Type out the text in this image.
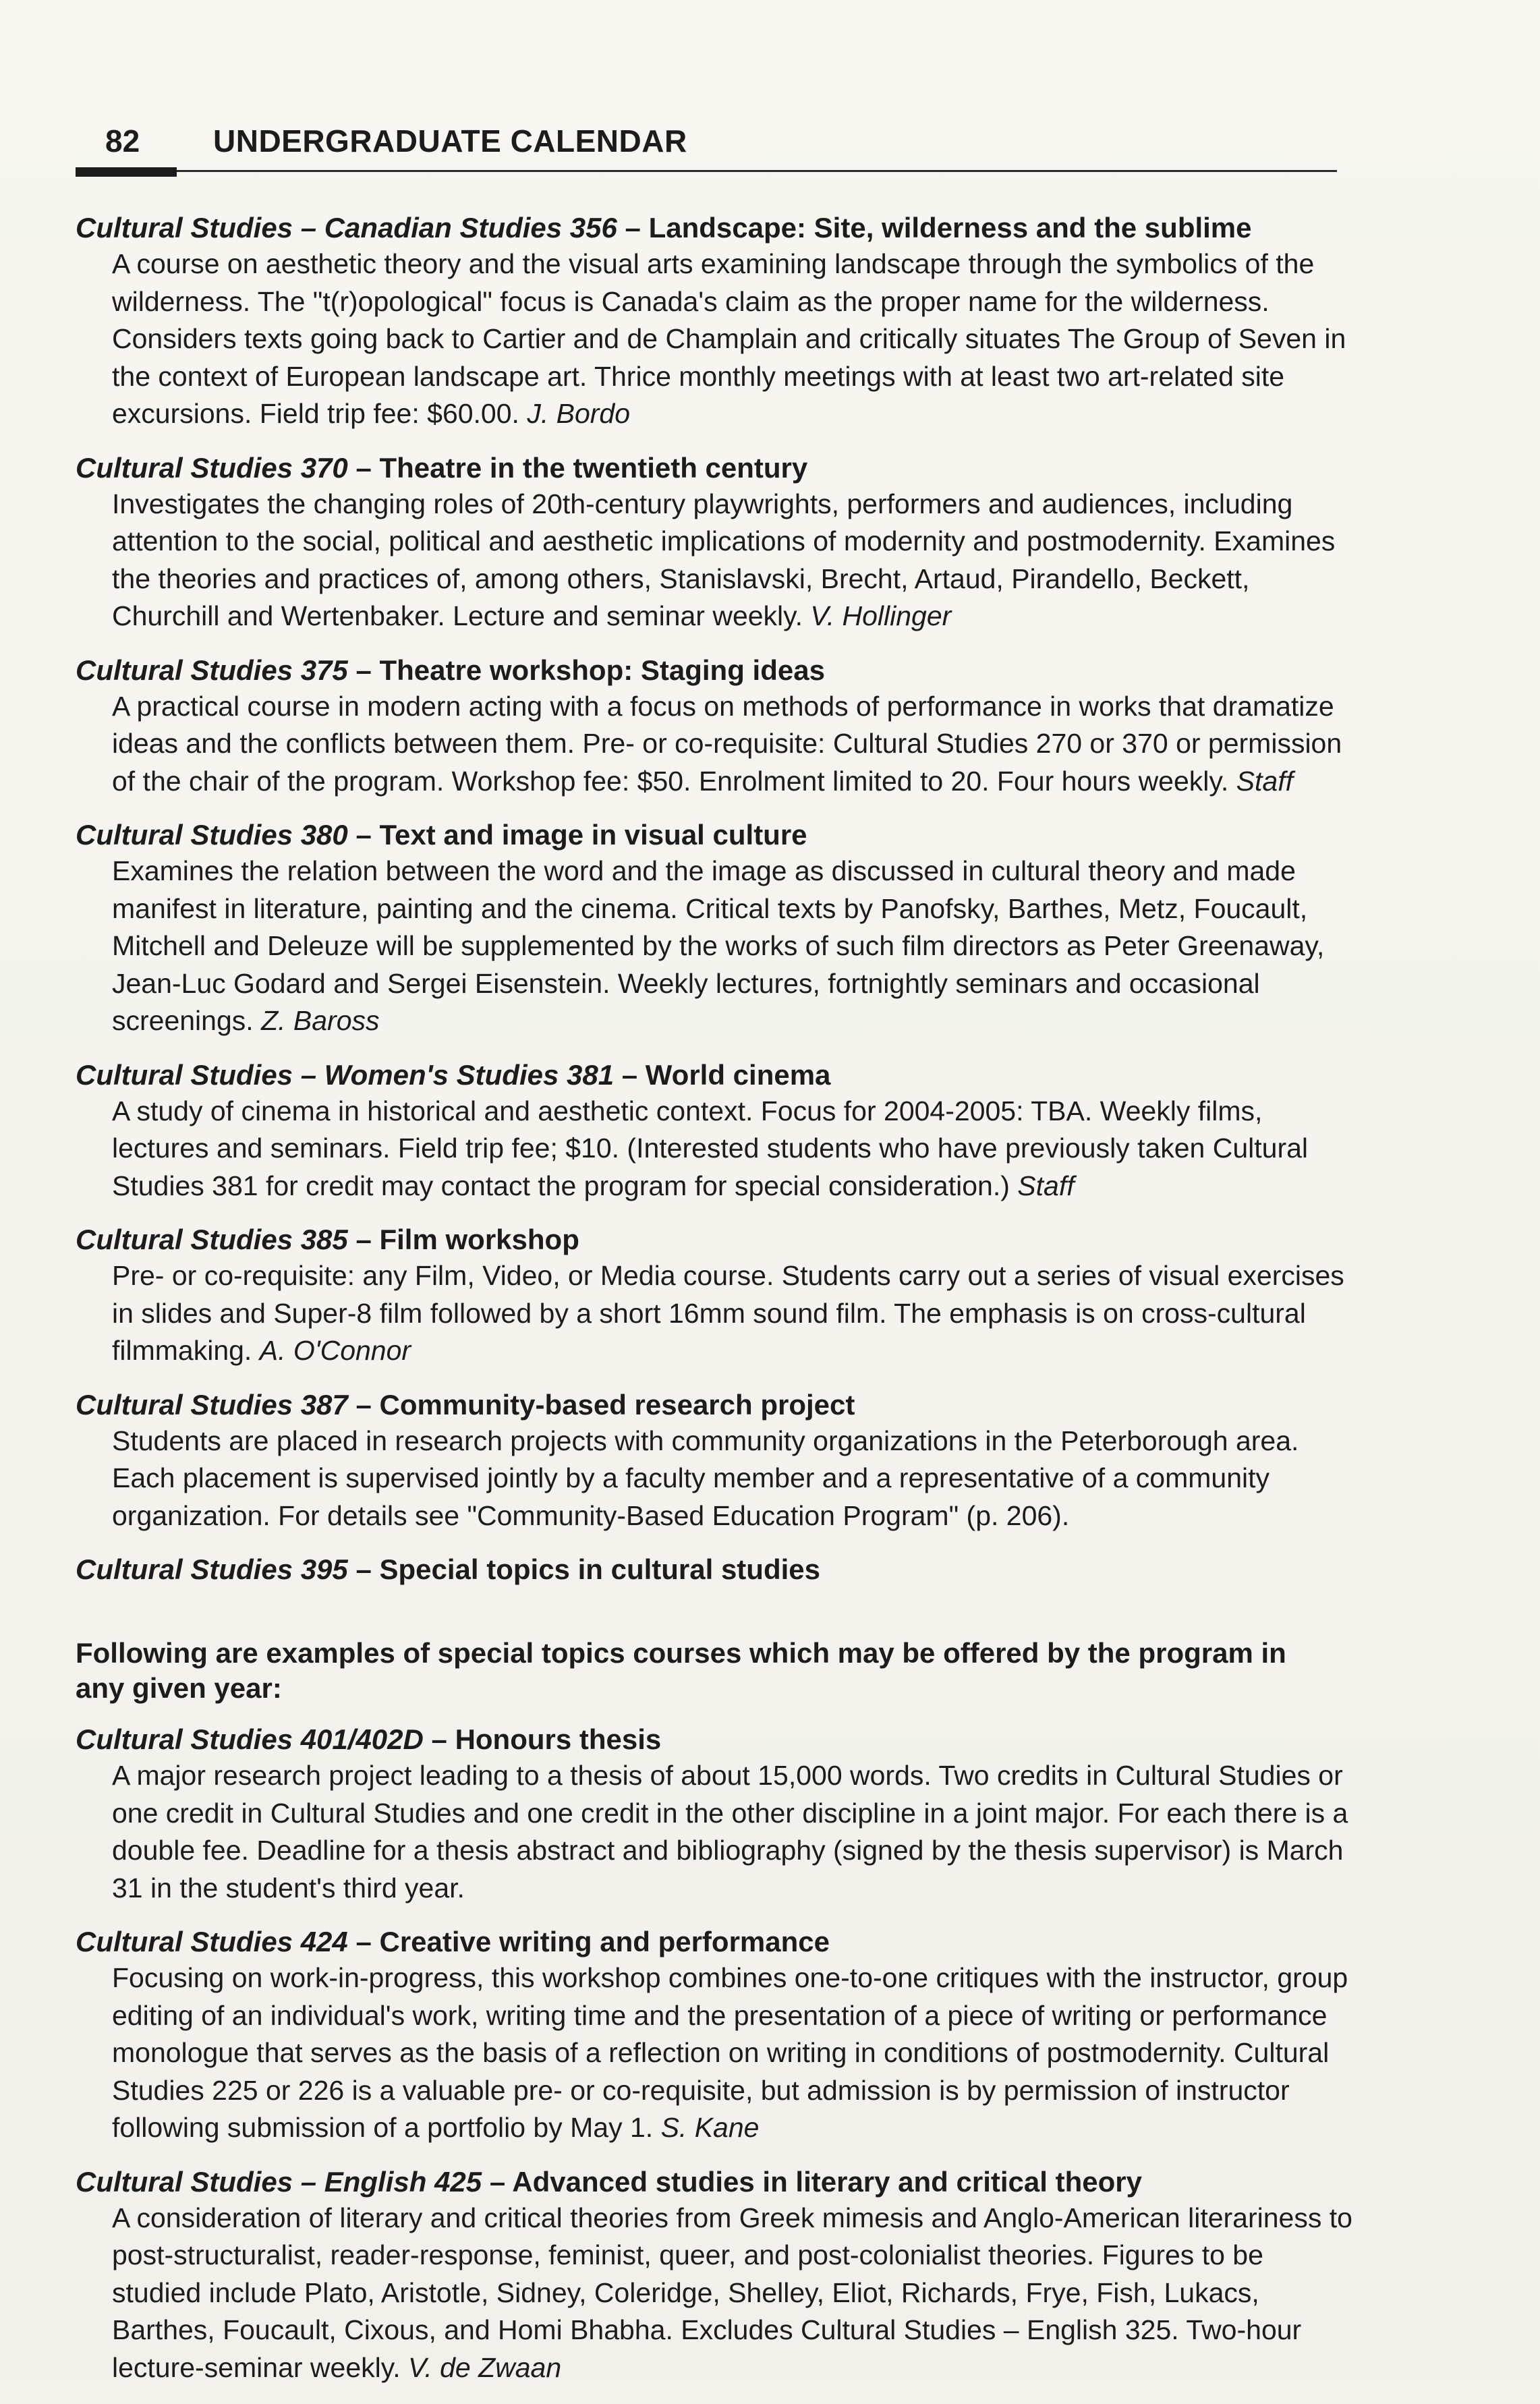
82 UNDERGRADUATE CALENDAR
Cultural Studies – Canadian Studies 356 – Landscape: Site, wilderness and the sublime
A course on aesthetic theory and the visual arts examining landscape through the symbolics of the wilderness. The "t(r)opological" focus is Canada's claim as the proper name for the wilderness. Considers texts going back to Cartier and de Champlain and critically situates The Group of Seven in the context of European landscape art. Thrice monthly meetings with at least two art-related site excursions. Field trip fee: $60.00. J. Bordo
Cultural Studies 370 – Theatre in the twentieth century
Investigates the changing roles of 20th-century playwrights, performers and audiences, including attention to the social, political and aesthetic implications of modernity and postmodernity. Examines the theories and practices of, among others, Stanislavski, Brecht, Artaud, Pirandello, Beckett, Churchill and Wertenbaker. Lecture and seminar weekly. V. Hollinger
Cultural Studies 375 – Theatre workshop: Staging ideas
A practical course in modern acting with a focus on methods of performance in works that dramatize ideas and the conflicts between them. Pre- or co-requisite: Cultural Studies 270 or 370 or permission of the chair of the program. Workshop fee: $50. Enrolment limited to 20. Four hours weekly. Staff
Cultural Studies 380 – Text and image in visual culture
Examines the relation between the word and the image as discussed in cultural theory and made manifest in literature, painting and the cinema. Critical texts by Panofsky, Barthes, Metz, Foucault, Mitchell and Deleuze will be supplemented by the works of such film directors as Peter Greenaway, Jean-Luc Godard and Sergei Eisenstein. Weekly lectures, fortnightly seminars and occasional screenings. Z. Baross
Cultural Studies – Women's Studies 381 – World cinema
A study of cinema in historical and aesthetic context. Focus for 2004-2005: TBA. Weekly films, lectures and seminars. Field trip fee; $10. (Interested students who have previously taken Cultural Studies 381 for credit may contact the program for special consideration.) Staff
Cultural Studies 385 – Film workshop
Pre- or co-requisite: any Film, Video, or Media course. Students carry out a series of visual exercises in slides and Super-8 film followed by a short 16mm sound film. The emphasis is on cross-cultural filmmaking. A. O'Connor
Cultural Studies 387 – Community-based research project
Students are placed in research projects with community organizations in the Peterborough area. Each placement is supervised jointly by a faculty member and a representative of a community organization. For details see "Community-Based Education Program" (p. 206).
Cultural Studies 395 – Special topics in cultural studies
Following are examples of special topics courses which may be offered by the program in any given year:
Cultural Studies 401/402D – Honours thesis
A major research project leading to a thesis of about 15,000 words. Two credits in Cultural Studies or one credit in Cultural Studies and one credit in the other discipline in a joint major. For each there is a double fee. Deadline for a thesis abstract and bibliography (signed by the thesis supervisor) is March 31 in the student's third year.
Cultural Studies 424 – Creative writing and performance
Focusing on work-in-progress, this workshop combines one-to-one critiques with the instructor, group editing of an individual's work, writing time and the presentation of a piece of writing or performance monologue that serves as the basis of a reflection on writing in conditions of postmodernity. Cultural Studies 225 or 226 is a valuable pre- or co-requisite, but admission is by permission of instructor following submission of a portfolio by May 1. S. Kane
Cultural Studies – English 425 – Advanced studies in literary and critical theory
A consideration of literary and critical theories from Greek mimesis and Anglo-American literariness to post-structuralist, reader-response, feminist, queer, and post-colonialist theories. Figures to be studied include Plato, Aristotle, Sidney, Coleridge, Shelley, Eliot, Richards, Frye, Fish, Lukacs, Barthes, Foucault, Cixous, and Homi Bhabha. Excludes Cultural Studies – English 325. Two-hour lecture-seminar weekly. V. de Zwaan
